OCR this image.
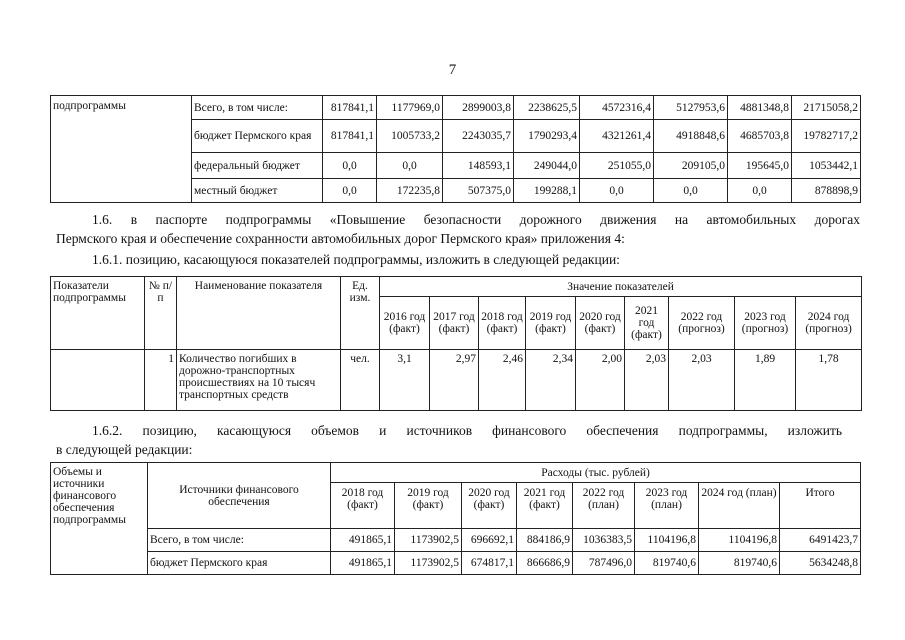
7
подпрограммы	Всего, в том числе:	817841,1	1177969,0	2899003,8	2238625,5	4572316,4	5127953,6	4881348,8	21715058,2
	бюджет Пермского края	817841,1	1005733,2	2243035,7	1790293,4	4321261,4	4918848,6	4685703,8	19782717,2
	федеральный бюджет	0,0	0,0	148593,1	249044,0	251055,0	209105,0	195645,0	1053442,1
	местный бюджет	0,0	172235,8	507375,0	199288,1	0,0	0,0	0,0	878898,9
1.6. в паспорте подпрограммы «Повышение безопасности дорожного движения на автомобильных дорогах
Пермского края и обеспечение сохранности автомобильных дорог Пермского края» приложения 4:
1.6.1. позицию, касающуюся показателей подпрограммы, изложить в следующей редакции:
Показатели подпрограммы	№ п/п	Наименование показателя	Ед. изм.	Значение показателей								
				2016 год (факт)	2017 год (факт)	2018 год (факт)	2019 год (факт)	2020 год (факт)	2021 год (факт)	2022 год (прогноз)	2023 год (прогноз)	2024 год (прогноз)
	1	Количество погибших в дорожно-транспортных происшествиях на 10 тысяч транспортных средств	чел.	3,1	2,97	2,46	2,34	2,00	2,03	2,03	1,89	1,78
1.6.2. позицию, касающуюся объемов и источников финансового обеспечения подпрограммы, изложить
в следующей редакции:
Объемы и источники финансового обеспечения подпрограммы	Источники финансового обеспечения	Расходы (тыс. рублей)							
		2018 год (факт)	2019 год (факт)	2020 год (факт)	2021 год (факт)	2022 год (план)	2023 год (план)	2024 год (план)	Итого
	Всего, в том числе:	491865,1	1173902,5	696692,1	884186,9	1036383,5	1104196,8	1104196,8	6491423,7
	бюджет Пермского края	491865,1	1173902,5	674817,1	866686,9	787496,0	819740,6	819740,6	5634248,8
